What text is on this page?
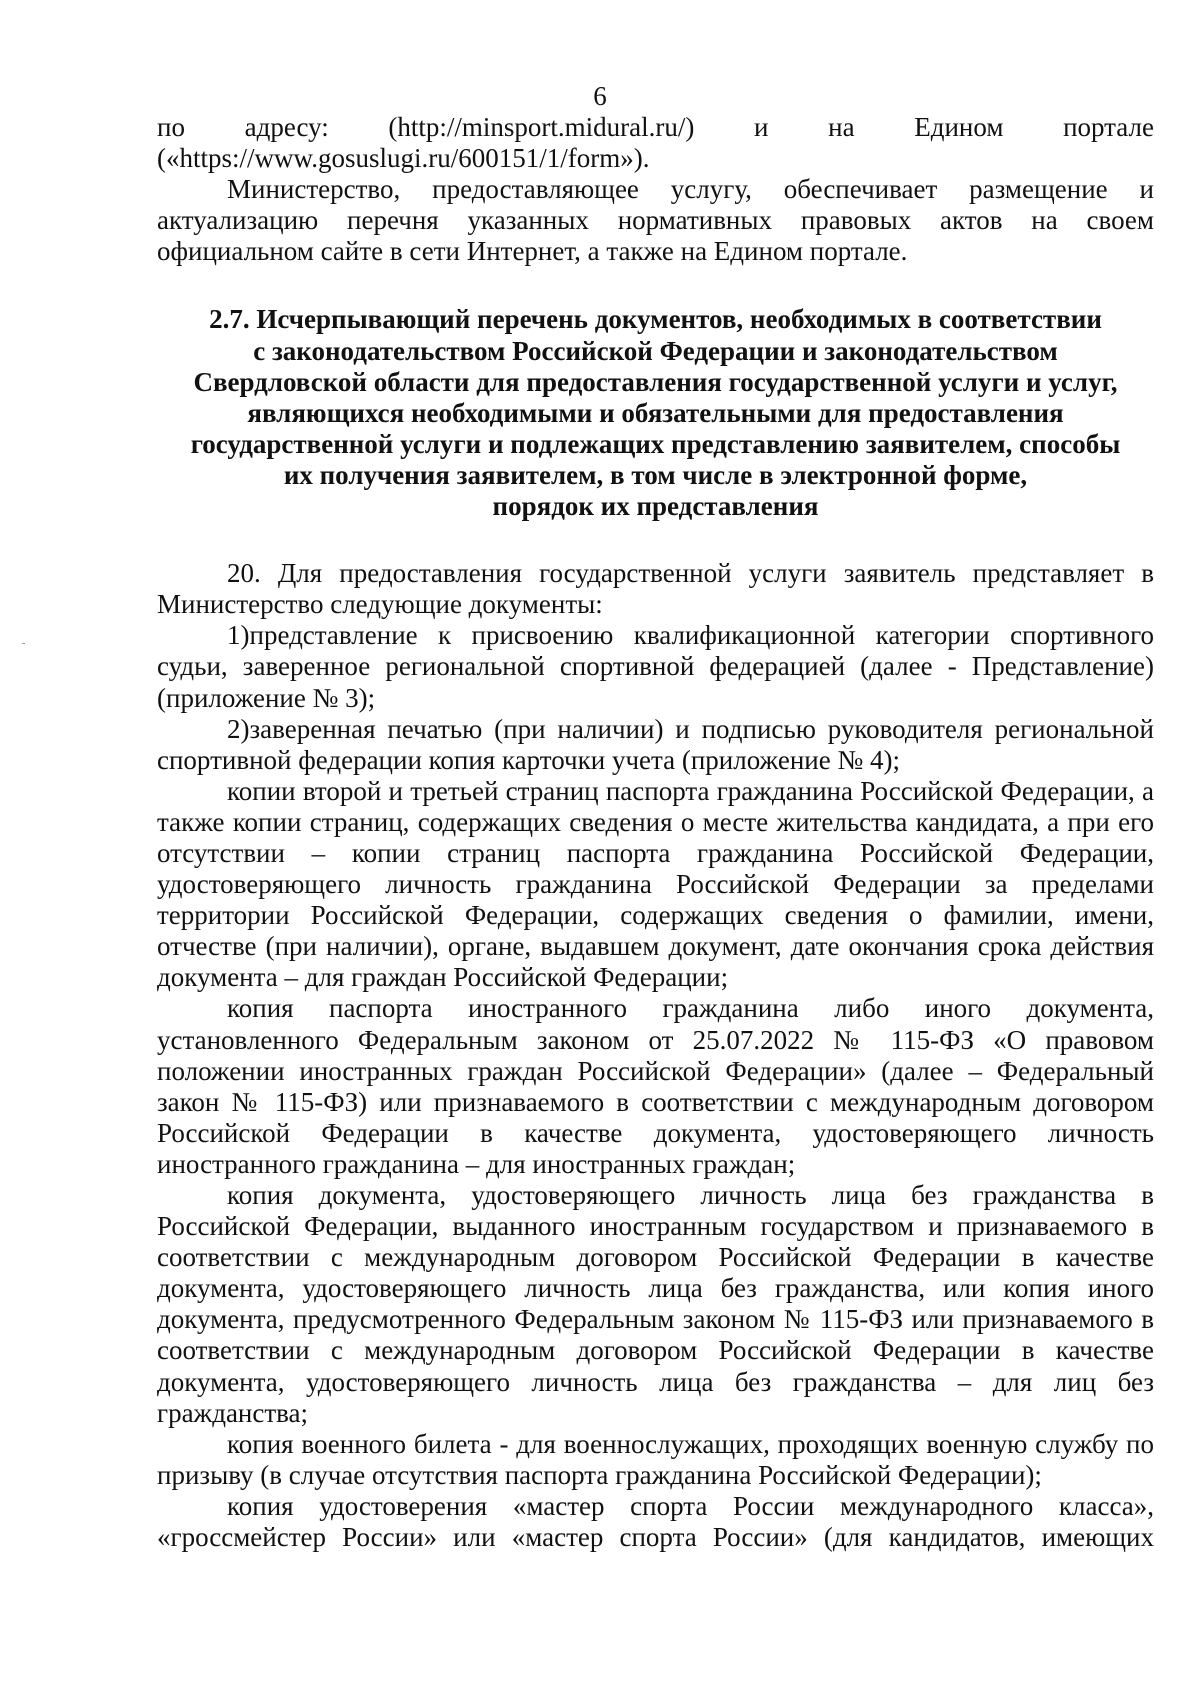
6

по адресу: (http://minsport.midural.ru/) и на Едином портале

(«https://www.gosuslugi.ru/600151/1/form»).

Министерство, предоставляющее услугу, обеспечивает размещение и актуализацию перечня указанных нормативных правовых актов на своем официальном сайте в сети Интернет, а также на Едином портале.

2.7. Исчерпывающий перечень документов, необходимых в соответствии
с законодательством Российской Федерации и законодательством
Свердловской области для предоставления государственной услуги и услуг,
являющихся необходимыми и обязательными для предоставления
государственной услуги и подлежащих представлению заявителем, способы
их получения заявителем, в том числе в электронной форме,
порядок их представления

20. Для предоставления государственной услуги заявитель представляет в Министерство следующие документы:

1)представление к присвоению квалификационной категории спортивного судьи, заверенное региональной спортивной федерацией (далее - Представление) (приложение № 3);

2)заверенная печатью (при наличии) и подписью руководителя региональной спортивной федерации копия карточки учета (приложение № 4);

копии второй и третьей страниц паспорта гражданина Российской Федерации, а также копии страниц, содержащих сведения о месте жительства кандидата, а при его отсутствии – копии страниц паспорта гражданина Российской Федерации, удостоверяющего личность гражданина Российской Федерации за пределами территории Российской Федерации, содержащих сведения о фамилии, имени, отчестве (при наличии), органе, выдавшем документ, дате окончания срока действия документа – для граждан Российской Федерации;

копия паспорта иностранного гражданина либо иного документа, установленного Федеральным законом от 25.07.2022 № 115-ФЗ «О правовом положении иностранных граждан Российской Федерации» (далее – Федеральный закон № 115-ФЗ) или признаваемого в соответствии с международным договором Российской Федерации в качестве документа, удостоверяющего личность иностранного гражданина – для иностранных граждан;

копия документа, удостоверяющего личность лица без гражданства в Российской Федерации, выданного иностранным государством и признаваемого в соответствии с международным договором Российской Федерации в качестве документа, удостоверяющего личность лица без гражданства, или копия иного документа, предусмотренного Федеральным законом № 115-ФЗ или признаваемого в соответствии с международным договором Российской Федерации в качестве документа, удостоверяющего личность лица без гражданства – для лиц без гражданства;

копия военного билета - для военнослужащих, проходящих военную службу по призыву (в случае отсутствия паспорта гражданина Российской Федерации);

копия удостоверения «мастер спорта России международного класса», «гроссмейстер России» или «мастер спорта России» (для кандидатов, имеющих
